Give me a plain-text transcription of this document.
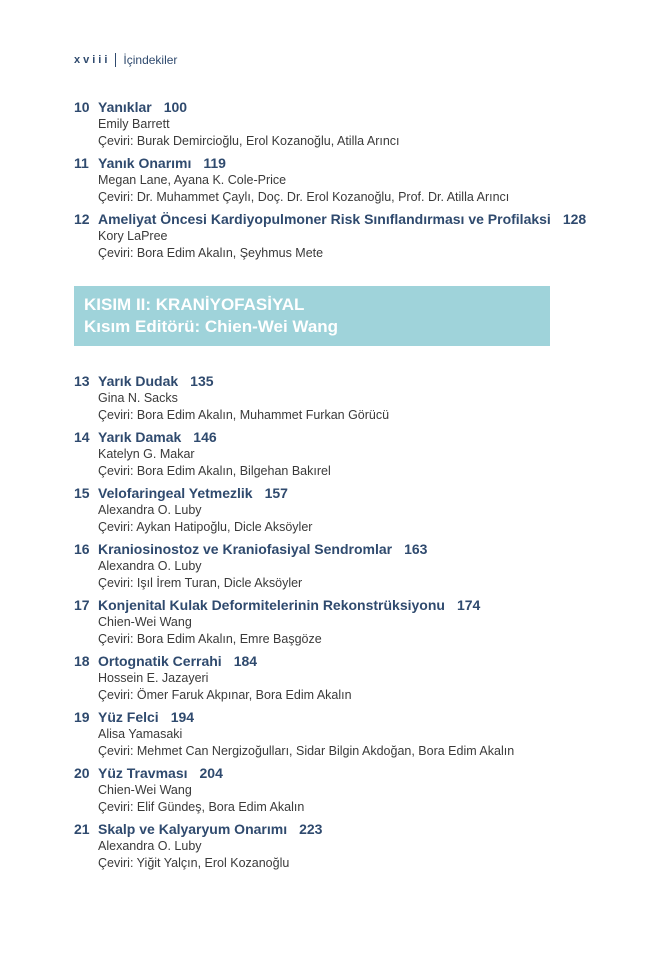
xviii İçindekiler
10 Yanıklar 100
Emily Barrett
Çeviri: Burak Demircioğlu, Erol Kozanoğlu, Atilla Arıncı
11 Yanık Onarımı 119
Megan Lane, Ayana K. Cole-Price
Çeviri: Dr. Muhammet Çaylı, Doç. Dr. Erol Kozanoğlu, Prof. Dr. Atilla Arıncı
12 Ameliyat Öncesi Kardiyopulmoner Risk Sınıflandırması ve Profilaksi 128
Kory LaPree
Çeviri: Bora Edim Akalın, Şeyhmus Mete
KISIM II: KRANİYOFASİYAL
Kısım Editörü: Chien-Wei Wang
13 Yarık Dudak 135
Gina N. Sacks
Çeviri: Bora Edim Akalın, Muhammet Furkan Görücü
14 Yarık Damak 146
Katelyn G. Makar
Çeviri: Bora Edim Akalın, Bilgehan Bakırel
15 Velofaringeal Yetmezlik 157
Alexandra O. Luby
Çeviri: Aykan Hatipoğlu, Dicle Aksöyler
16 Kraniosinostoz ve Kraniofasiyal Sendromlar 163
Alexandra O. Luby
Çeviri: Işıl İrem Turan, Dicle Aksöyler
17 Konjenital Kulak Deformitelerinin Rekonstrüksiyonu 174
Chien-Wei Wang
Çeviri: Bora Edim Akalın, Emre Başgöze
18 Ortognatik Cerrahi 184
Hossein E. Jazayeri
Çeviri: Ömer Faruk Akpınar, Bora Edim Akalın
19 Yüz Felci 194
Alisa Yamasaki
Çeviri: Mehmet Can Nergizoğulları, Sidar Bilgin Akdoğan, Bora Edim Akalın
20 Yüz Travması 204
Chien-Wei Wang
Çeviri: Elif Gündeş, Bora Edim Akalın
21 Skalp ve Kalyaryum Onarımı 223
Alexandra O. Luby
Çeviri: Yiğit Yalçın, Erol Kozanoğlu
